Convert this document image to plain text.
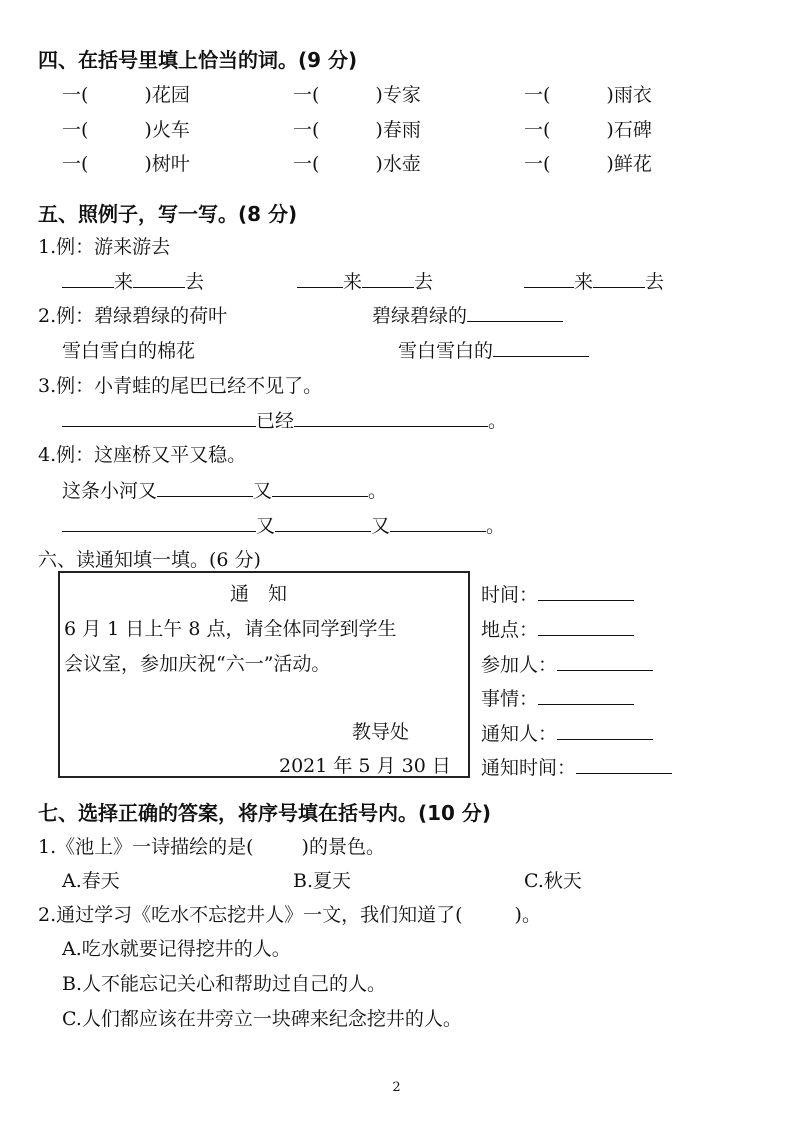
四、在括号里填上恰当的词。(9 分)
一(	)花园	一(	)专家	一(	)雨衣
一(	)火车	一(	)春雨	一(	)石碑
一(	)树叶	一(	)水壶	一(	)鲜花
五、照例子，写一写。(8 分)
1.例：游来游去
来	去	来	去	来	去
2.例：碧绿碧绿的荷叶	碧绿碧绿的
雪白雪白的棉花	雪白雪白的
3.例：小青蛙的尾巴已经不见了。
已经	。
4.例：这座桥又平又稳。
这条小河又	又	。
又	又	。
六、读通知填一填。(6 分)
通　知
6 月 1 日上午 8 点，请全体同学到学生
会议室，参加庆祝“六一”活动。
教导处
2021 年 5 月 30 日
时间：
地点：
参加人：
事情：
通知人：
通知时间：
七、选择正确的答案，将序号填在括号内。(10 分)
1.《池上》一诗描绘的是(	)的景色。
A.春天	B.夏天	C.秋天
2.通过学习《吃水不忘挖井人》一文，我们知道了(	)。
A.吃水就要记得挖井的人。
B.人不能忘记关心和帮助过自己的人。
C.人们都应该在井旁立一块碑来纪念挖井的人。
2
